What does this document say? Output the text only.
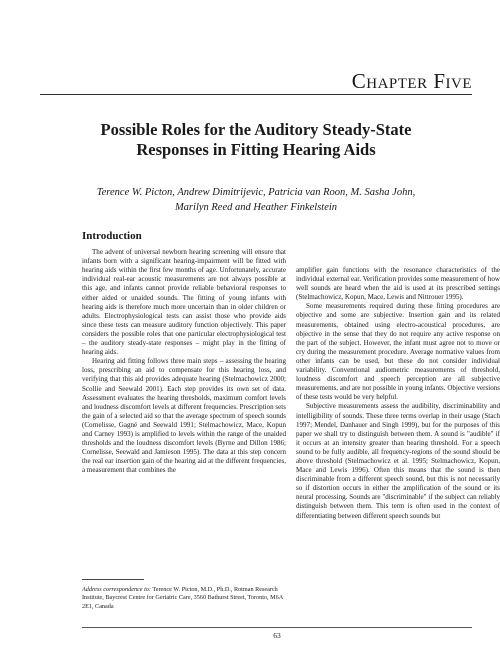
Chapter Five
Possible Roles for the Auditory Steady-State
Responses in Fitting Hearing Aids
Terence W. Picton, Andrew Dimitrijevic, Patricia van Roon, M. Sasha John,
Marilyn Reed and Heather Finkelstein
Introduction

The advent of universal newborn hearing screening will ensure that infants born with a significant hearing-impairment will be fitted with hearing aids within the first few months of age. Unfortunately, accurate individual real-ear acoustic measurements are not always possible at this age, and infants cannot provide reliable behavioral responses to either aided or unaided sounds. The fitting of young infants with hearing aids is therefore much more uncertain than in older children or adults. Electrophysiological tests can assist those who provide aids since these tests can measure auditory function objectively. This paper considers the possible roles that one particular electrophysiological test – the auditory steady-state responses – might play in the fitting of hearing aids.

Hearing aid fitting follows three main steps – assessing the hearing loss, prescribing an aid to compensate for this hearing loss, and verifying that this aid provides adequate hearing (Stelmachowicz 2000; Scollie and Seewald 2001). Each step provides its own set of data. Assessment evaluates the hearing thresholds, maximum comfort levels and loudness discomfort levels at different frequencies. Prescription sets the gain of a selected aid so that the average spectrum of speech sounds (Cornelisse, Gagné and Seewald 1991; Stelmachowicz, Mace, Kopun and Carney 1993) is amplified to levels within the range of the unaided thresholds and the loudness discomfort levels (Byrne and Dillon 1986; Cornelisse, Seewald and Jamieson 1995). The data at this step concern the real ear insertion gain of the hearing aid at the different frequencies, a measurement that combines the

amplifier gain functions with the resonance characteristics of the individual external ear. Verification provides some measurement of how well sounds are heard when the aid is used at its prescribed settings (Stelmachowicz, Kopun, Mace, Lewis and Nittrouer 1995).

Some measurements required during these fitting procedures are objective and some are subjective. Insertion gain and its related measurements, obtained using electro-acoustical procedures, are objective in the sense that they do not require any active response on the part of the subject. However, the infant must agree not to move or cry during the measurement procedure. Average normative values from other infants can be used, but these do not consider individual variability. Conventional audiometric measurements of threshold, loudness discomfort and speech perception are all subjective measurements, and are not possible in young infants. Objective versions of these tests would be very helpful.

Subjective measurements assess the audibility, discriminability and intelligibility of sounds. These three terms overlap in their usage (Stach 1997; Mendel, Danhauer and Singh 1999), but for the purposes of this paper we shall try to distinguish between them. A sound is "audible" if it occurs at an intensity greater than hearing threshold. For a speech sound to be fully audible, all frequency-regions of the sound should be above threshold (Stelmachowicz et al. 1995; Stelmachowicz, Kopun, Mace and Lewis 1996). Often this means that the sound is then discriminable from a different speech sound, but this is not necessarily so if distortion occurs in either the amplification of the sound or its neural processing. Sounds are "discriminable" if the subject can reliably distinguish between them. This term is often used in the context of differentiating between different speech sounds but

Address correspondence to: Terence W. Picton, M.D., Ph.D., Rotman Research Institute, Baycrest Centre for Geriatric Care, 3560 Bathurst Street, Toronto, M6A 2E1, Canada
63
